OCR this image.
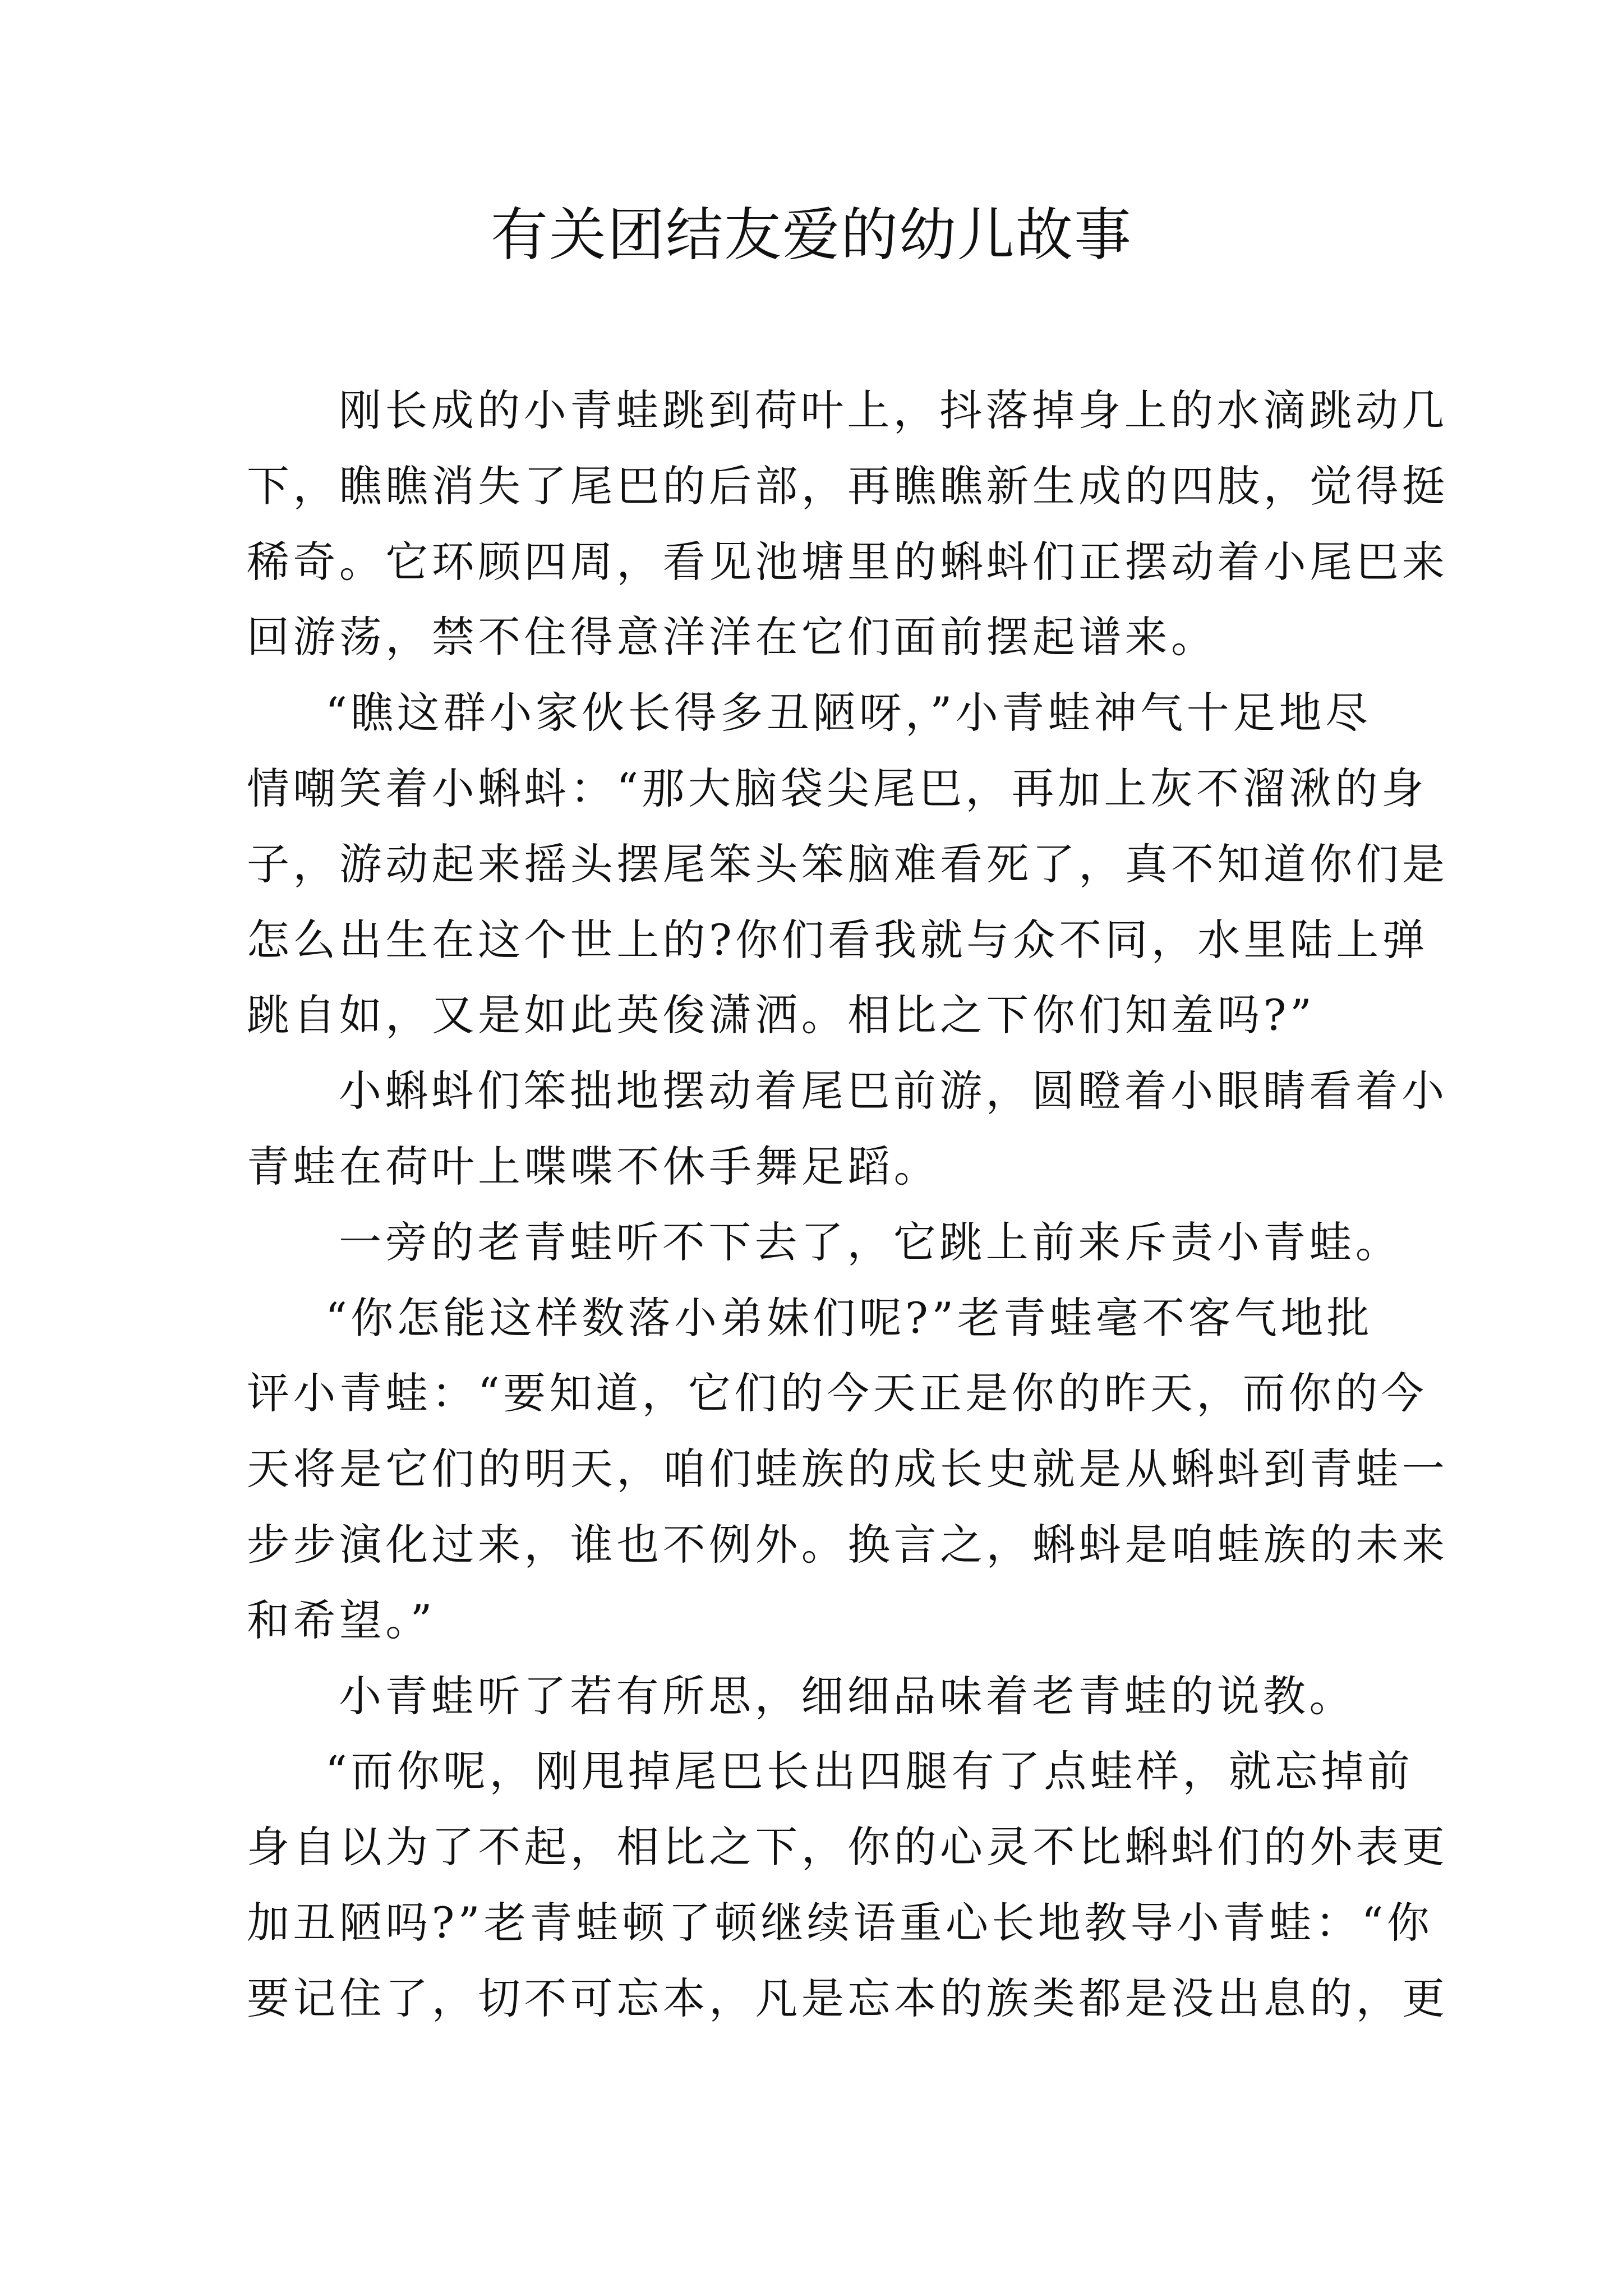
有关团结友爱的幼儿故事
刚长成的小青蛙跳到荷叶上，抖落掉身上的水滴跳动几
下，瞧瞧消失了尾巴的后部，再瞧瞧新生成的四肢，觉得挺
稀奇。它环顾四周，看见池塘里的蝌蚪们正摆动着小尾巴来
回游荡，禁不住得意洋洋在它们面前摆起谱来。
“瞧这群小家伙长得多丑陋呀，”小青蛙神气十足地尽
情嘲笑着小蝌蚪：“那大脑袋尖尾巴，再加上灰不溜湫的身
子，游动起来摇头摆尾笨头笨脑难看死了，真不知道你们是
怎么出生在这个世上的?你们看我就与众不同，水里陆上弹
跳自如，又是如此英俊潇洒。相比之下你们知羞吗?”
小蝌蚪们笨拙地摆动着尾巴前游，圆瞪着小眼睛看着小
青蛙在荷叶上喋喋不休手舞足蹈。
一旁的老青蛙听不下去了，它跳上前来斥责小青蛙。
“你怎能这样数落小弟妹们呢?”老青蛙毫不客气地批
评小青蛙：“要知道，它们的今天正是你的昨天，而你的今
天将是它们的明天，咱们蛙族的成长史就是从蝌蚪到青蛙一
步步演化过来，谁也不例外。换言之，蝌蚪是咱蛙族的未来
和希望。”
小青蛙听了若有所思，细细品味着老青蛙的说教。
“而你呢，刚甩掉尾巴长出四腿有了点蛙样，就忘掉前
身自以为了不起，相比之下，你的心灵不比蝌蚪们的外表更
加丑陋吗?”老青蛙顿了顿继续语重心长地教导小青蛙：“你
要记住了，切不可忘本，凡是忘本的族类都是没出息的，更
